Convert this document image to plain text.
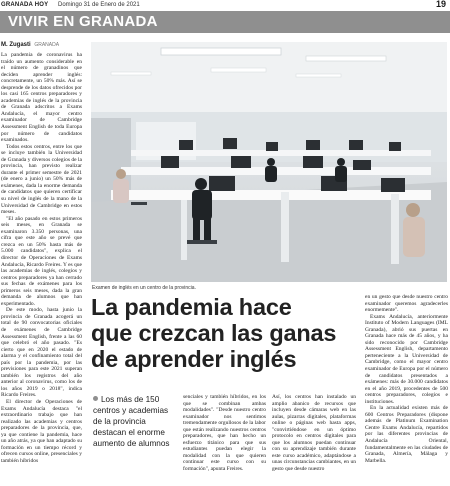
GRANADA HOY Domingo 31 de Enero de 2021	19
VIVIR EN GRANADA
M. Zugasti GRANADA

La pandemia de coronavirus ha traído un aumento considerable en el número de granadinos que deciden aprender inglés: concretamente, un 50% más. Así se desprende de los datos ofrecidos por los casi 165 centros preparadores y academias de inglés de la provincia de Granada adscritos a Exams Andalucía, el mayor centro examinador de Cambridge Assessment English de toda Europa por número de candidatos examinados.

Todos estos centros, entre los que se incluye también la Universidad de Granada y diversos colegios de la provincia, han previsto realizar durante el primer semestre de 2021 (de enero a junio) un 50% más de exámenes, dada la enorme demanda de candidatos que quieren certificar su nivel de inglés de la mano de la Universidad de Cambridge en estos meses.

"El año pasado en estos primeros seis meses, en Granada se examinaron 3.350 personas, una cifra que este año se prevé que crezca en un 50% hasta más de 5.000 candidatos", explica el director de Operaciones de Exams Andalucía, Ricardo Freires. Y es que las academias de inglés, colegios y centros preparadores ya han cerrado sus fechas de exámenes para los primeros seis meses, dada la gran demanda de alumnos que han experimentado.

De este modo, hasta junio la provincia de Granada acogerá un total de 90 convocatorias oficiales de exámenes de Cambridge Assessment English, frente a las 60 que celebró el año pasado. "Es cierto que en 2020 el estado de alarma y el confinamiento total del país por la pandemia, por las previsiones para este 2021 superan también los registros del año anterior al coronavirus, como los de los años 2019 o 2018", indica Ricardo Freires.

El director de Operaciones de Exams Andalucía destaca "el extraordinario trabajo que han realizado las academias y centros preparadores de la provincia, que, ya que contiene la pandemia, hace un año atrás, ya que han adaptado su formación en un tiempo récord y ofrecen cursos online, presenciales y también híbridos

Examen de inglés en un centro de la provincia.
La pandemia hace
que crezcan las ganas
de aprender inglés
Los más de 150 centros y academias de la provincia destacan el enorme aumento de alumnos

senciales y también híbridos, en los que se combinan ambas modalidades". "Desde nuestro centro examinador nos sentimos tremendamente orgullosos de la labor que están realizando nuestros centros preparadores, que han hecho un esfuerzo titánico para que sus estudiantes puedan elegir la modalidad con la que quieren continuar este curso con su formación", apunta Freires.

Así, los centros han instalado un amplio abanico de recursos que incluyen desde cámaras web en las aulas, pizarras digitales, plataformas online o páginas web hasta apps, "convirtiéndose en un óptimo protocolo en centros digitales para que los alumnos puedan continuar con su aprendizaje también durante este curso académico, adaptándose a unas circunstancias cambiantes, en un gesto que desde nuestro

en un gesto que desde nuestro centro examinador queremos agradecerles enormemente".

Exams Andalucía, anteriormente Instituto of Modern Languages (IML Granada), abrió sus puertas en Granada hace más de 45 años, y ha sido reconocido por Cambridge Assessment English, departamento perteneciente a la Universidad de Cambridge, como el mayor centro examinador de Europa por el número de candidatos presentados a exámenes: más de 30.000 candidatos en el año 2019, procedentes de 500 centros preparadores, colegios e instituciones.

En la actualidad existen más de 600 Centros Preparadores (dispone además de Platinum Examination Centre Exams Andalucía, repartidos por las diferentes provincias de Andalucía Oriental, fundamentalmente en las ciudades de Granada, Almería, Málaga y Marbella.
